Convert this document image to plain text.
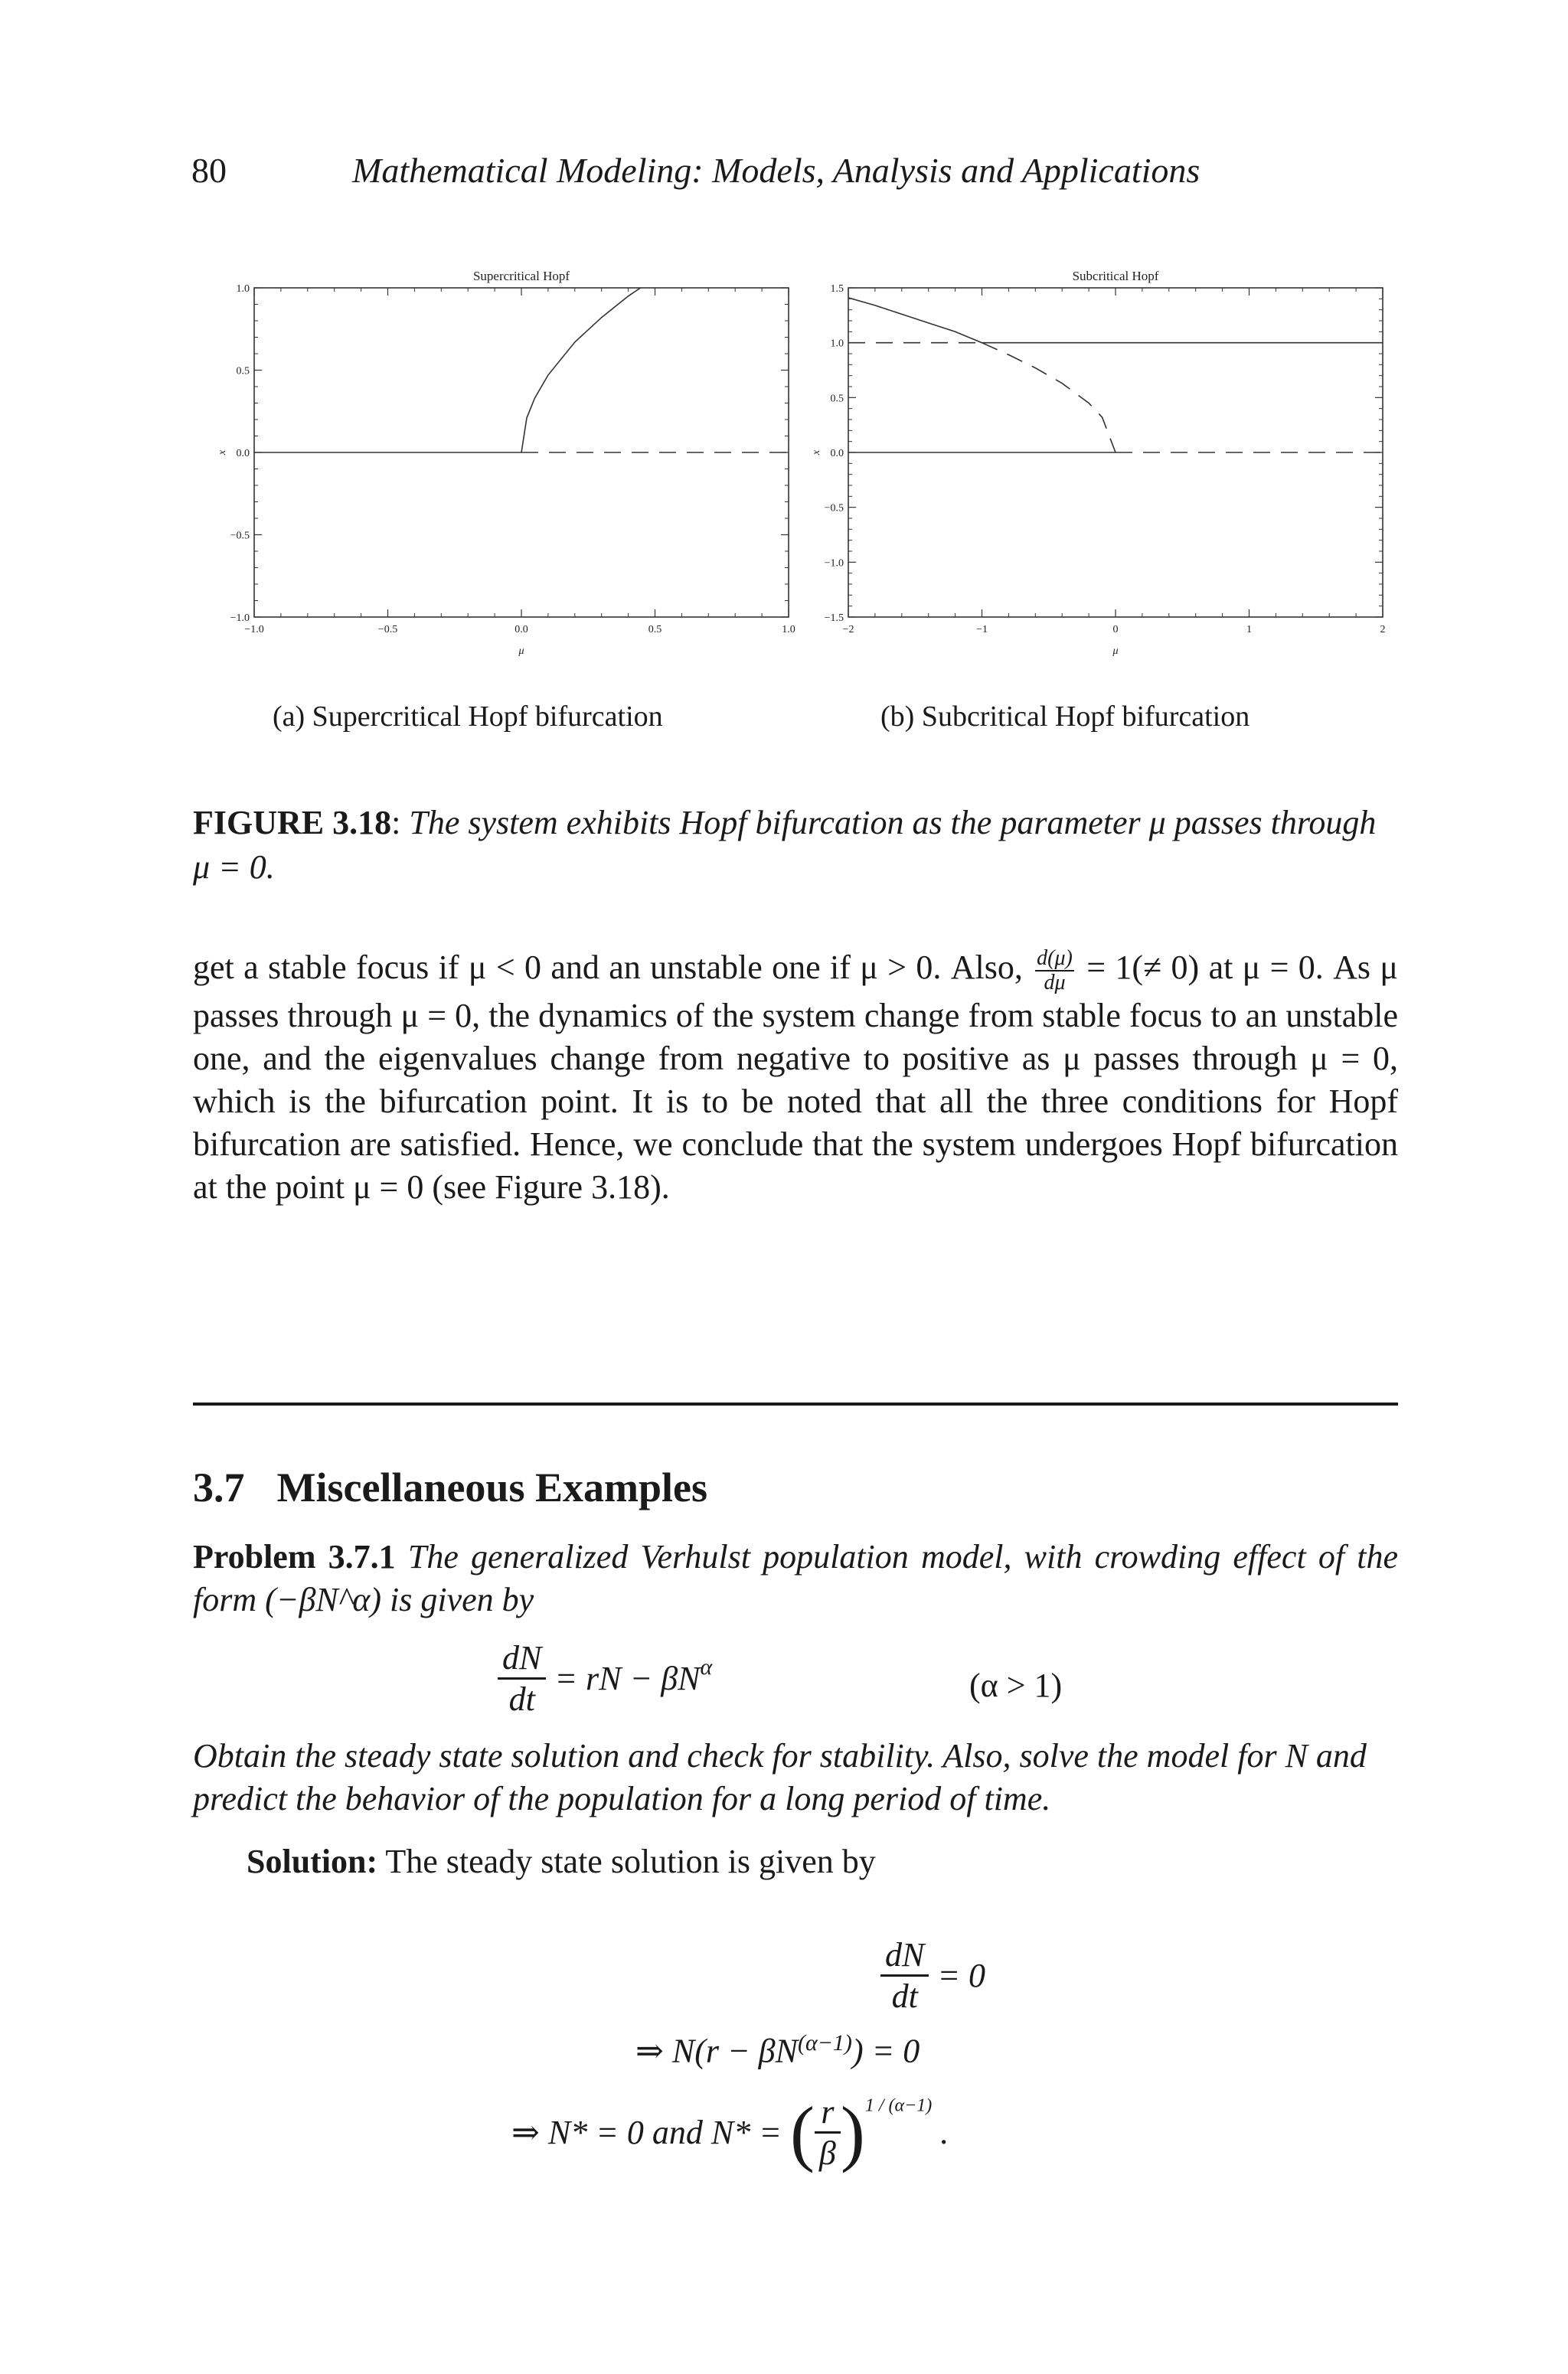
80	Mathematical Modeling: Models, Analysis and Applications
Supercritical Hopf
−1.0	−0.5	0.0	0.5	1.0
1.0
0.5
0.0
−0.5
−1.0
μ
x
Subcritical Hopf
−2	−1	0	1	2
1.5
1.0
0.5
0.0
−0.5
−1.0
−1.5
μ
x
(a) Supercritical Hopf bifurcation	(b) Subcritical Hopf bifurcation
FIGURE 3.18: The system exhibits Hopf bifurcation as the parameter μ passes through μ = 0.
get a stable focus if μ < 0 and an unstable one if μ > 0. Also, $\frac{d(\mu)}{d\mu} = 1(\ne 0)$ at μ = 0. As μ passes through μ = 0, the dynamics of the system change from stable focus to an unstable one, and the eigenvalues change from negative to positive as μ passes through μ = 0, which is the bifurcation point. It is to be noted that all the three conditions for Hopf bifurcation are satisfied. Hence, we conclude that the system undergoes Hopf bifurcation at the point μ = 0 (see Figure 3.18).
3.7 Miscellaneous Examples
Problem 3.7.1 The generalized Verhulst population model, with crowding effect of the form (−βN^α) is given by
$\frac{dN}{dt}$ = rN − $\beta N^\alpha$	(α > 1)
Obtain the steady state solution and check for stability. Also, solve the model for N and predict the behavior of the population for a long period of time.
Solution: The steady state solution is given by
$\frac{dN}{dt} = 0$
⇒ $N(r - \beta N^{(\alpha-1)}) = 0$
⇒ N* = 0 and N* = ( $\frac{r}{\beta} )^{1 / (\alpha-1)}$ .
